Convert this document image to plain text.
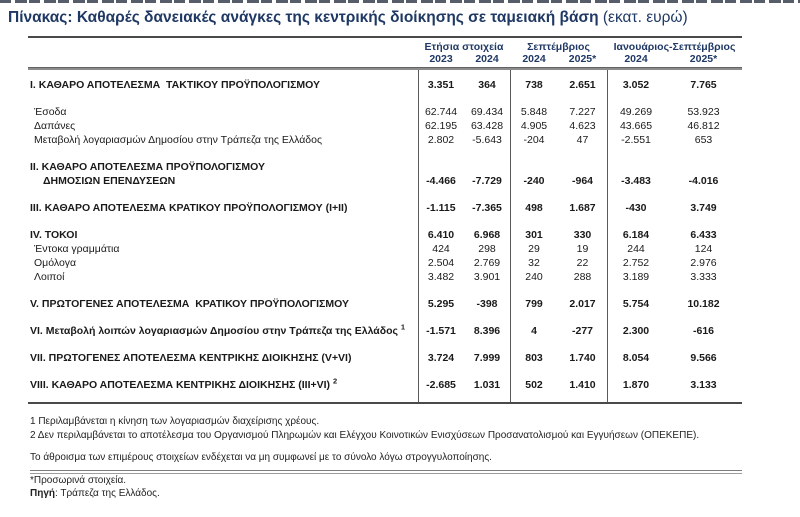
Πίνακας: Καθαρές δανειακές ανάγκες της κεντρικής διοίκησης σε ταμειακή βάση (εκατ. ευρώ)
Ετήσια στοιχεία	Σεπτέμβριος	Ιανουάριος-Σεπτέμβριος
2023	2024	2024	2025*	2024	2025*
I. ΚΑΘΑΡΟ ΑΠΟΤΕΛΕΣΜΑ  ΤΑΚΤΙΚΟΥ ΠΡΟΫΠΟΛΟΓΙΣΜΟΥ	3.351	364	738	2.651	3.052	7.765
Έσοδα	62.744	69.434	5.848	7.227	49.269	53.923
Δαπάνες	62.195	63.428	4.905	4.623	43.665	46.812
Μεταβολή λογαριασμών Δημοσίου στην Τράπεζα της Ελλάδος	2.802	-5.643	-204	47	-2.551	653
II. ΚΑΘΑΡΟ ΑΠΟΤΕΛΕΣΜΑ ΠΡΟΫΠΟΛΟΓΙΣΜΟΥ
ΔΗΜΟΣΙΩΝ ΕΠΕΝΔΥΣΕΩΝ	-4.466	-7.729	-240	-964	-3.483	-4.016
III. ΚΑΘΑΡΟ ΑΠΟΤΕΛΕΣΜΑ ΚΡΑΤΙΚΟΥ ΠΡΟΫΠΟΛΟΓΙΣΜΟΥ (I+II)	-1.115	-7.365	498	1.687	-430	3.749
IV. ΤΟΚΟΙ	6.410	6.968	301	330	6.184	6.433
Έντοκα γραμμάτια	424	298	29	19	244	124
Ομόλογα	2.504	2.769	32	22	2.752	2.976
Λοιποί	3.482	3.901	240	288	3.189	3.333
V. ΠΡΩΤΟΓΕΝΕΣ ΑΠΟΤΕΛΕΣΜΑ  ΚΡΑΤΙΚΟΥ ΠΡΟΫΠΟΛΟΓΙΣΜΟΥ	5.295	-398	799	2.017	5.754	10.182
VI. Μεταβολή λοιπών λογαριασμών Δημοσίου στην Τράπεζα της Ελλάδος $^1$	-1.571	8.396	4	-277	2.300	-616
VII. ΠΡΩΤΟΓΕΝΕΣ ΑΠΟΤΕΛΕΣΜΑ ΚΕΝΤΡΙΚΗΣ ΔΙΟΙΚΗΣΗΣ (V+VI)	3.724	7.999	803	1.740	8.054	9.566
VIII. ΚΑΘΑΡΟ ΑΠΟΤΕΛΕΣΜΑ ΚΕΝΤΡΙΚΗΣ ΔΙΟΙΚΗΣΗΣ (III+VI) $^2$	-2.685	1.031	502	1.410	1.870	3.133
1 Περιλαμβάνεται η κίνηση των λογαριασμών διαχείρισης χρέους.
2 Δεν περιλαμβάνεται το αποτέλεσμα του Οργανισμού Πληρωμών και Ελέγχου Κοινοτικών Ενισχύσεων Προσανατολισμού και Εγγυήσεων (ΟΠΕΚΕΠΕ).
Το άθροισμα των επιμέρους στοιχείων ενδέχεται να μη συμφωνεί με το σύνολο λόγω στρογγυλοποίησης.
*Προσωρινά στοιχεία.
Πηγή: Τράπεζα της Ελλάδος.
